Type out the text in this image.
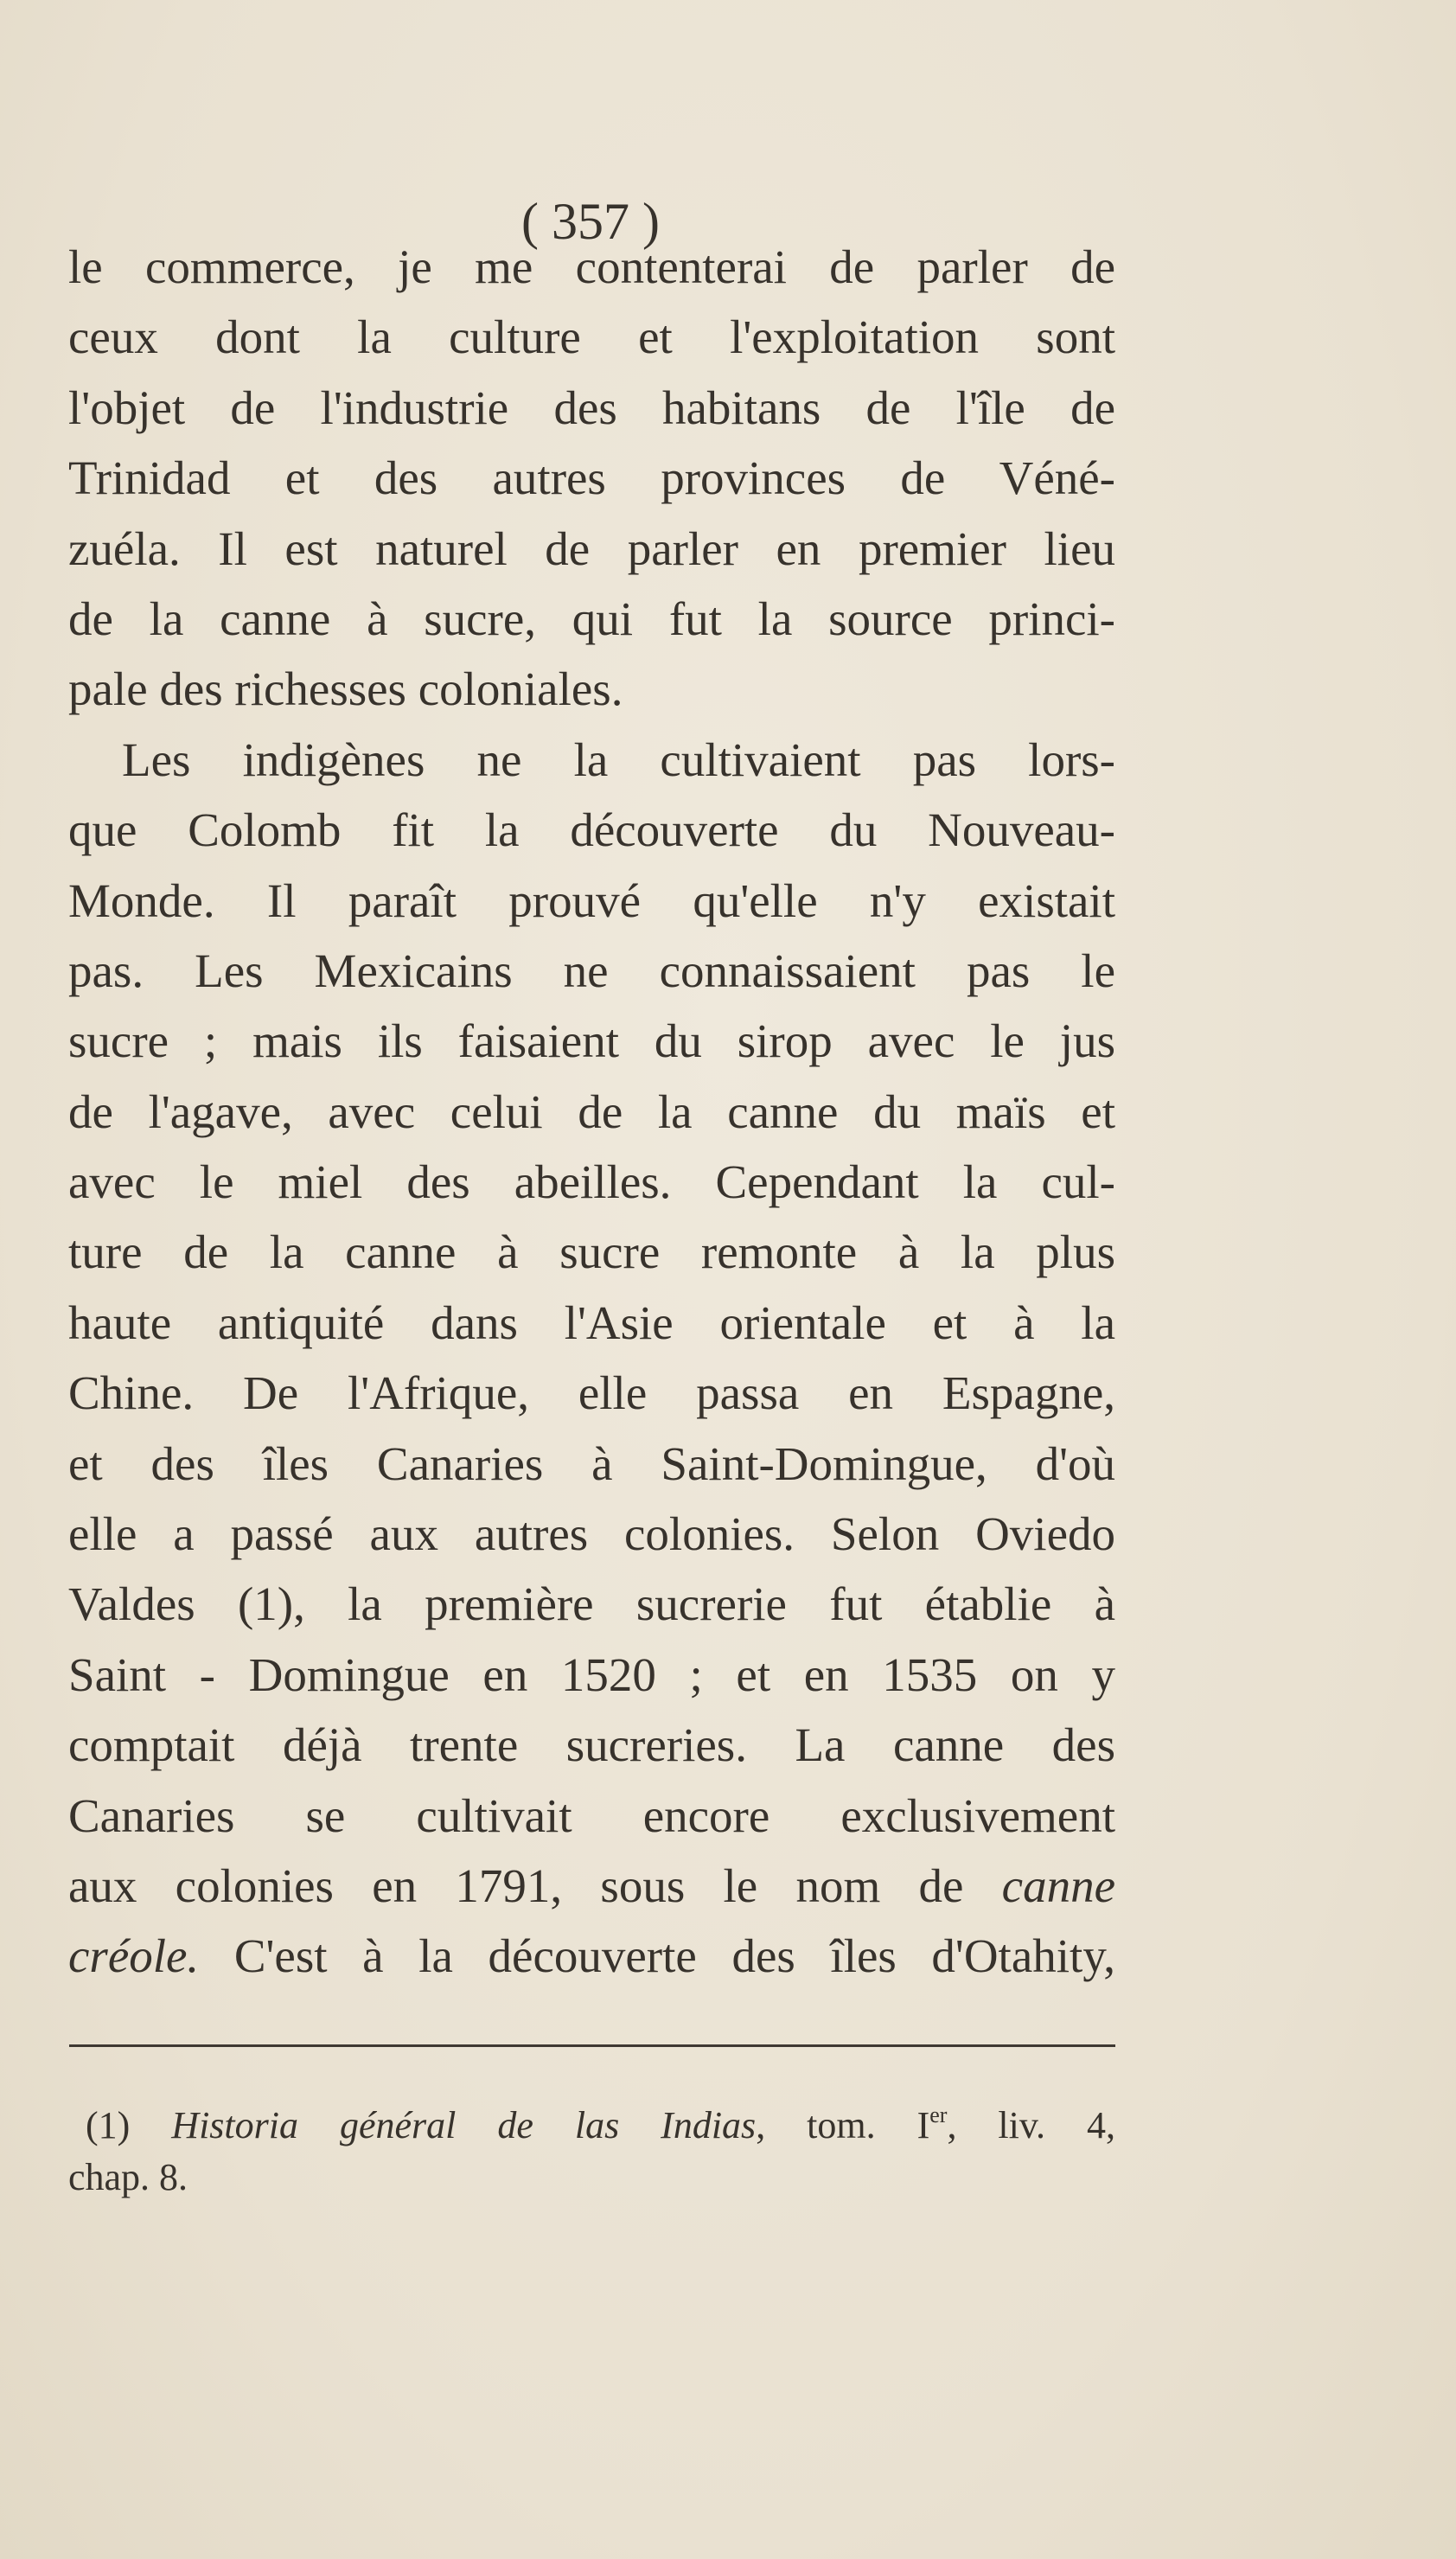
( 357 )
le commerce, je me contenterai de parler de
ceux dont la culture et l'exploitation sont
l'objet de l'industrie des habitans de l'île de
Trinidad et des autres provinces de Véné-
zuéla. Il est naturel de parler en premier lieu
de la canne à sucre, qui fut la source princi-
pale des richesses coloniales.
Les indigènes ne la cultivaient pas lors-
que Colomb fit la découverte du Nouveau-
Monde. Il paraît prouvé qu'elle n'y existait
pas. Les Mexicains ne connaissaient pas le
sucre ; mais ils faisaient du sirop avec le jus
de l'agave, avec celui de la canne du maïs et
avec le miel des abeilles. Cependant la cul-
ture de la canne à sucre remonte à la plus
haute antiquité dans l'Asie orientale et à la
Chine. De l'Afrique, elle passa en Espagne,
et des îles Canaries à Saint-Domingue, d'où
elle a passé aux autres colonies. Selon Oviedo
Valdes (1), la première sucrerie fut établie à
Saint - Domingue en 1520 ; et en 1535 on y
comptait déjà trente sucreries. La canne des
Canaries se cultivait encore exclusivement
aux colonies en 1791, sous le nom de canne
créole. C'est à la découverte des îles d'Otahity,
(1) Historia général de las Indias, tom. Ier, liv. 4,
chap. 8.
